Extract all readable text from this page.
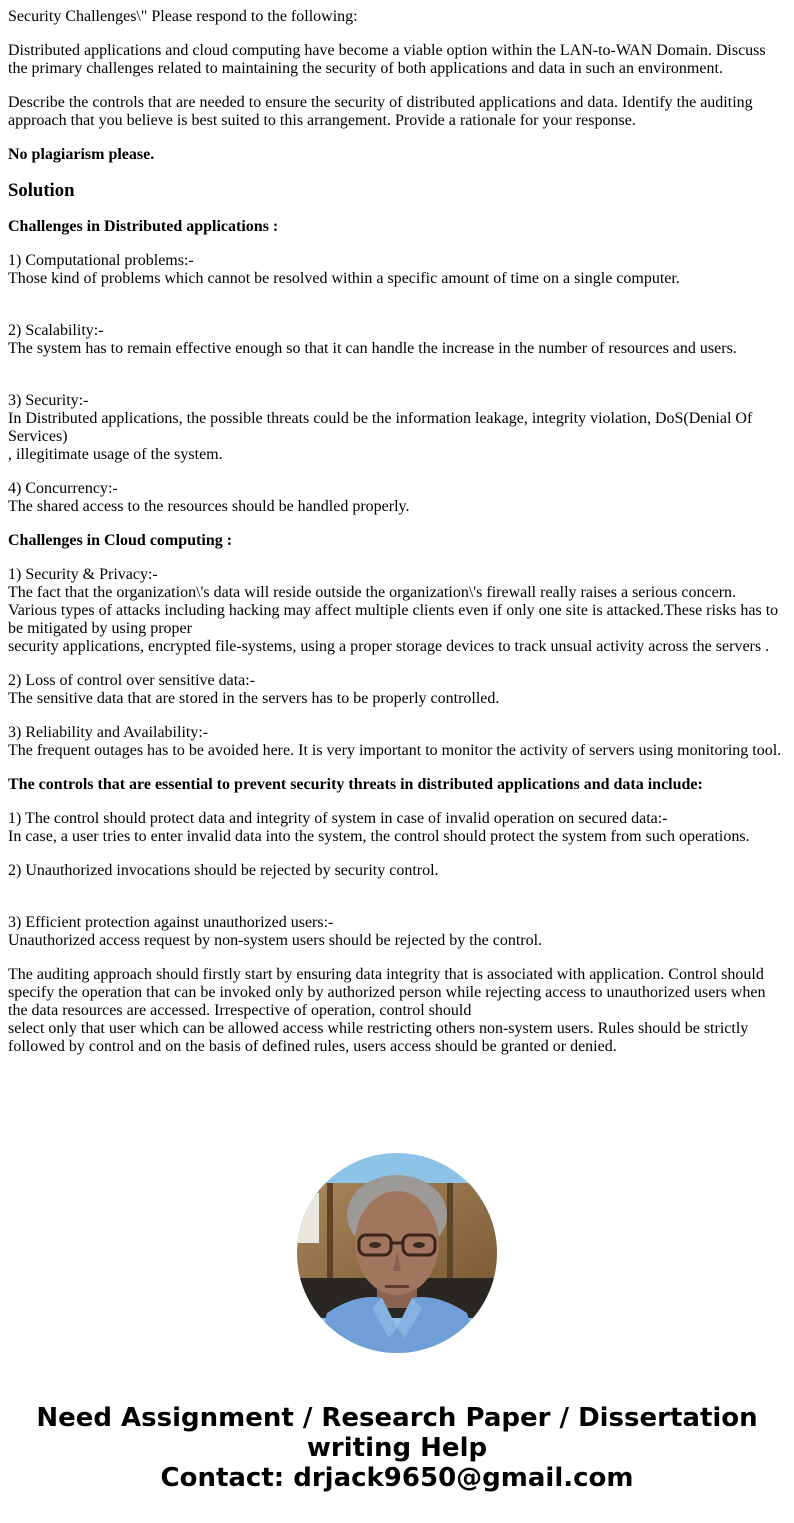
Security Challenges\" Please respond to the following:

Distributed applications and cloud computing have become a viable option within the LAN-to-WAN Domain. Discuss the primary challenges related to maintaining the security of both applications and data in such an environment.

Describe the controls that are needed to ensure the security of distributed applications and data. Identify the auditing approach that you believe is best suited to this arrangement. Provide a rationale for your response.

No plagiarism please.

Solution

Challenges in Distributed applications :

1) Computational problems:-
Those kind of problems which cannot be resolved within a specific amount of time on a single computer.

2) Scalability:-
The system has to remain effective enough so that it can handle the increase in the number of resources and users.

3) Security:-
In Distributed applications, the possible threats could be the information leakage, integrity violation, DoS(Denial Of Services)
, illegitimate usage of the system.

4) Concurrency:-
The shared access to the resources should be handled properly.

Challenges in Cloud computing :

1) Security & Privacy:-
The fact that the organization\'s data will reside outside the organization\'s firewall really raises a serious concern. Various types of attacks including hacking may affect multiple clients even if only one site is attacked.These risks has to be mitigated by using proper
security applications, encrypted file-systems, using a proper storage devices to track unsual activity across the servers .

2) Loss of control over sensitive data:-
The sensitive data that are stored in the servers has to be properly controlled.

3) Reliability and Availability:-
The frequent outages has to be avoided here. It is very important to monitor the activity of servers using monitoring tool.

The controls that are essential to prevent security threats in distributed applications and data include:

1) The control should protect data and integrity of system in case of invalid operation on secured data:-
In case, a user tries to enter invalid data into the system, the control should protect the system from such operations.

2) Unauthorized invocations should be rejected by security control.

3) Efficient protection against unauthorized users:-
Unauthorized access request by non-system users should be rejected by the control.

The auditing approach should firstly start by ensuring data integrity that is associated with application. Control should specify the operation that can be invoked only by authorized person while rejecting access to unauthorized users when the data resources are accessed. Irrespective of operation, control should
select only that user which can be allowed access while restricting others non-system users. Rules should be strictly followed by control and on the basis of defined rules, users access should be granted or denied.

Need Assignment / Research Paper / Dissertation
writing Help
Contact: drjack9650@gmail.com
